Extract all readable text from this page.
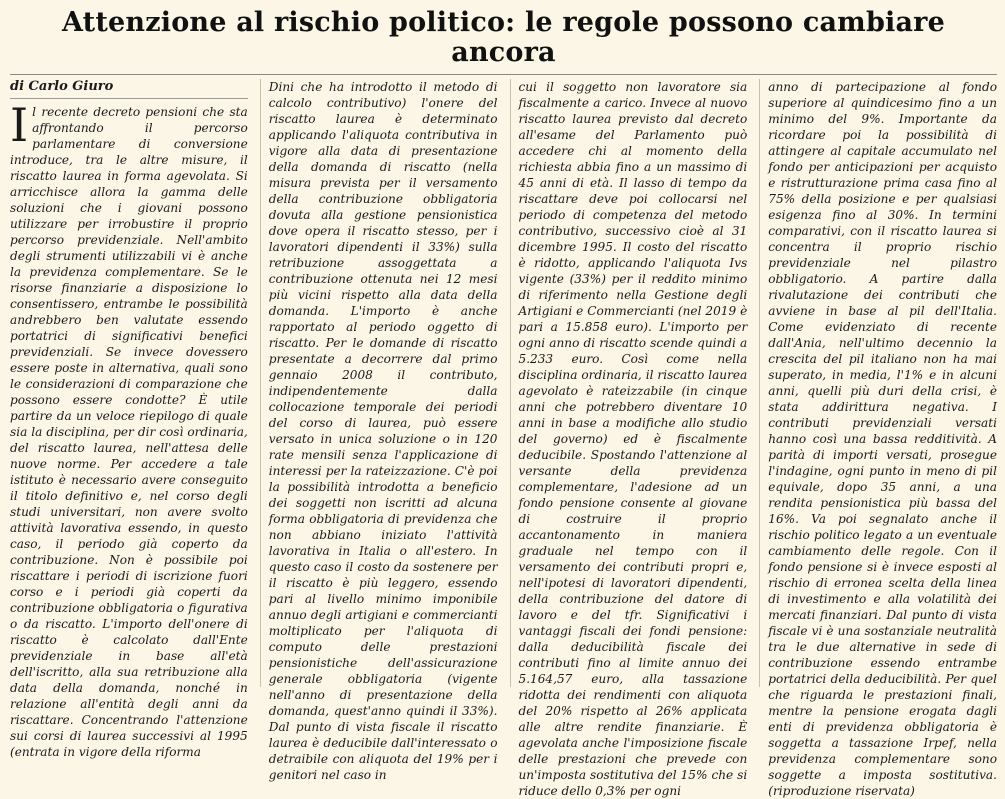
Attenzione al rischio politico: le regole possono cambiare ancora
di Carlo Giuro

Il recente decreto pensioni che sta affrontando il percorso parlamentare di conversione introduce, tra le altre misure, il riscatto laurea in forma agevolata. Si arricchisce allora la gamma delle soluzioni che i giovani possono utilizzare per irrobustire il proprio percorso previdenziale. Nell'ambito degli strumenti utilizzabili vi è anche la previdenza complementare. Se le risorse finanziarie a disposizione lo consentissero, entrambe le possibilità andrebbero ben valutate essendo portatrici di significativi benefici previdenziali. Se invece dovessero essere poste in alternativa, quali sono le considerazioni di comparazione che possono essere condotte? È utile partire da un veloce riepilogo di quale sia la disciplina, per dir così ordinaria, del riscatto laurea, nell'attesa delle nuove norme. Per accedere a tale istituto è necessario avere conseguito il titolo definitivo e, nel corso degli studi universitari, non avere svolto attività lavorativa essendo, in questo caso, il periodo già coperto da contribuzione. Non è possibile poi riscattare i periodi di iscrizione fuori corso e i periodi già coperti da contribuzione obbligatoria o figurativa o da riscatto. L'importo dell'onere di riscatto è calcolato dall'Ente previdenziale in base all'età dell'iscritto, alla sua retribuzione alla data della domanda, nonché in relazione all'entità degli anni da riscattare. Concentrando l'attenzione sui corsi di laurea successivi al 1995 (entrata in vigore della riforma

Dini che ha introdotto il metodo di calcolo contributivo) l'onere del riscatto laurea è determinato applicando l'aliquota contributiva in vigore alla data di presentazione della domanda di riscatto (nella misura prevista per il versamento della contribuzione obbligatoria dovuta alla gestione pensionistica dove opera il riscatto stesso, per i lavoratori dipendenti il 33%) sulla retribuzione assoggettata a contribuzione ottenuta nei 12 mesi più vicini rispetto alla data della domanda. L'importo è anche rapportato al periodo oggetto di riscatto. Per le domande di riscatto presentate a decorrere dal primo gennaio 2008 il contributo, indipendentemente dalla collocazione temporale dei periodi del corso di laurea, può essere versato in unica soluzione o in 120 rate mensili senza l'applicazione di interessi per la rateizzazione. C'è poi la possibilità introdotta a beneficio dei soggetti non iscritti ad alcuna forma obbligatoria di previdenza che non abbiano iniziato l'attività lavorativa in Italia o all'estero. In questo caso il costo da sostenere per il riscatto è più leggero, essendo pari al livello minimo imponibile annuo degli artigiani e commercianti moltiplicato per l'aliquota di computo delle prestazioni pensionistiche dell'assicurazione generale obbligatoria (vigente nell'anno di presentazione della domanda, quest'anno quindi il 33%). Dal punto di vista fiscale il riscatto laurea è deducibile dall'interessato o detraibile con aliquota del 19% per i genitori nel caso in

cui il soggetto non lavoratore sia fiscalmente a carico. Invece al nuovo riscatto laurea previsto dal decreto all'esame del Parlamento può accedere chi al momento della richiesta abbia fino a un massimo di 45 anni di età. Il lasso di tempo da riscattare deve poi collocarsi nel periodo di competenza del metodo contributivo, successivo cioè al 31 dicembre 1995. Il costo del riscatto è ridotto, applicando l'aliquota Ivs vigente (33%) per il reddito minimo di riferimento nella Gestione degli Artigiani e Commercianti (nel 2019 è pari a 15.858 euro). L'importo per ogni anno di riscatto scende quindi a 5.233 euro. Così come nella disciplina ordinaria, il riscatto laurea agevolato è rateizzabile (in cinque anni che potrebbero diventare 10 anni in base a modifiche allo studio del governo) ed è fiscalmente deducibile. Spostando l'attenzione al versante della previdenza complementare, l'adesione ad un fondo pensione consente al giovane di costruire il proprio accantonamento in maniera graduale nel tempo con il versamento dei contributi propri e, nell'ipotesi di lavoratori dipendenti, della contribuzione del datore di lavoro e del tfr. Significativi i vantaggi fiscali dei fondi pensione: dalla deducibilità fiscale dei contributi fino al limite annuo dei 5.164,57 euro, alla tassazione ridotta dei rendimenti con aliquota del 20% rispetto al 26% applicata alle altre rendite finanziarie. È agevolata anche l'imposizione fiscale delle prestazioni che prevede con un'imposta sostitutiva del 15% che si riduce dello 0,3% per ogni

anno di partecipazione al fondo superiore al quindicesimo fino a un minimo del 9%. Importante da ricordare poi la possibilità di attingere al capitale accumulato nel fondo per anticipazioni per acquisto e ristrutturazione prima casa fino al 75% della posizione e per qualsiasi esigenza fino al 30%. In termini comparativi, con il riscatto laurea si concentra il proprio rischio previdenziale nel pilastro obbligatorio. A partire dalla rivalutazione dei contributi che avviene in base al pil dell'Italia. Come evidenziato di recente dall'Ania, nell'ultimo decennio la crescita del pil italiano non ha mai superato, in media, l'1% e in alcuni anni, quelli più duri della crisi, è stata addirittura negativa. I contributi previdenziali versati hanno così una bassa redditività. A parità di importi versati, prosegue l'indagine, ogni punto in meno di pil equivale, dopo 35 anni, a una rendita pensionistica più bassa del 16%. Va poi segnalato anche il rischio politico legato a un eventuale cambiamento delle regole. Con il fondo pensione si è invece esposti al rischio di erronea scelta della linea di investimento e alla volatilità dei mercati finanziari. Dal punto di vista fiscale vi è una sostanziale neutralità tra le due alternative in sede di contribuzione essendo entrambe portatrici della deducibilità. Per quel che riguarda le prestazioni finali, mentre la pensione erogata dagli enti di previdenza obbligatoria è soggetta a tassazione Irpef, nella previdenza complementare sono soggette a imposta sostitutiva. (riproduzione riservata)
